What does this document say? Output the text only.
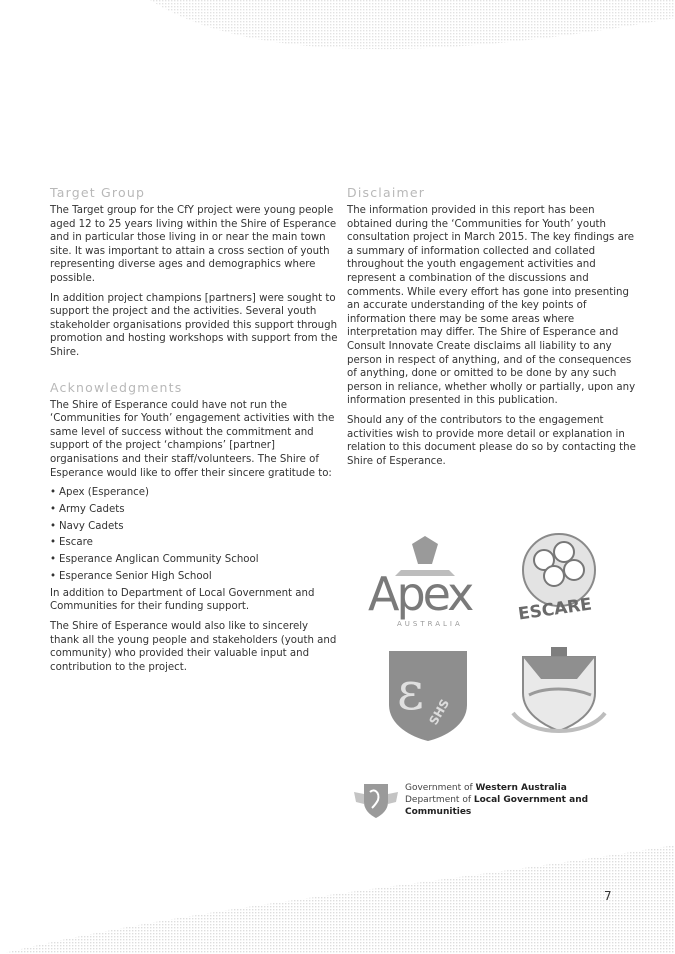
Target Group

The Target group for the CfY project were young people aged 12 to 25 years living within the Shire of Esperance and in particular those living in or near the main town site. It was important to attain a cross section of youth representing diverse ages and demographics where possible.

In addition project champions [partners] were sought to support the project and the activities. Several youth stakeholder organisations provided this support through promotion and hosting workshops with support from the Shire.

Acknowledgments

The Shire of Esperance could have not run the ‘Communities for Youth’ engagement activities with the same level of success without the commitment and support of the project ‘champions’ [partner] organisations and their staff/volunteers. The Shire of Esperance would like to offer their sincere gratitude to:

• Apex (Esperance)
• Army Cadets
• Navy Cadets
• Escare
• Esperance Anglican Community School
• Esperance Senior High School

In addition to Department of Local Government and Communities for their funding support.

The Shire of Esperance would also like to sincerely thank all the young people and stakeholders (youth and community) who provided their valuable input and contribution to the project.

Disclaimer

The information provided in this report has been obtained during the ‘Communities for Youth’ youth consultation project in March 2015. The key findings are a summary of information collected and collated throughout the youth engagement activities and represent a combination of the discussions and comments. While every effort has gone into presenting an accurate understanding of the key points of information there may be some areas where interpretation may differ. The Shire of Esperance and Consult Innovate Create disclaims all liability to any person in respect of anything, and of the consequences of anything, done or omitted to be done by any such person in reliance, whether wholly or partially, upon any information presented in this publication.

Should any of the contributors to the engagement activities wish to provide more detail or explanation in relation to this document please do so by contacting the Shire of Esperance.

Apex
AUSTRALIA	ESCARE
ε SHS
Government of Western Australia
Department of Local Government and Communities
7
